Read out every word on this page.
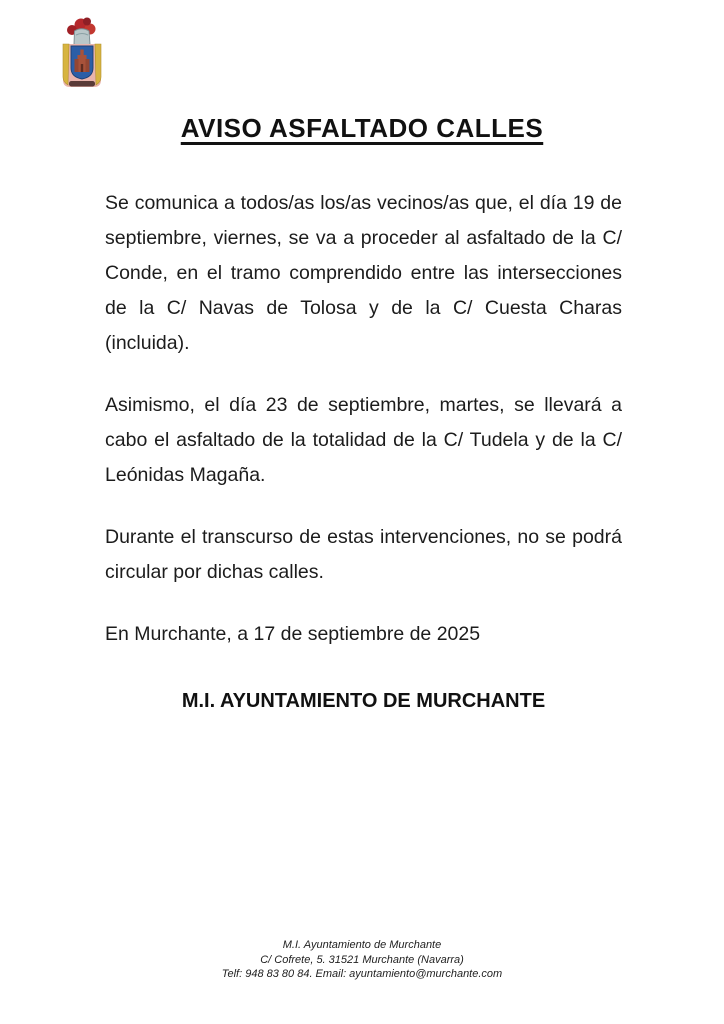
AVISO ASFALTADO CALLES

Se comunica a todos/as los/as vecinos/as que, el día 19 de septiembre, viernes, se va a proceder al asfaltado de la C/ Conde, en el tramo comprendido entre las intersecciones de la C/ Navas de Tolosa y de la C/ Cuesta Charas (incluida).

Asimismo, el día 23 de septiembre, martes, se llevará a cabo el asfaltado de la totalidad de la C/ Tudela y de la C/ Leónidas Magaña.

Durante el transcurso de estas intervenciones, no se podrá circular por dichas calles.

En Murchante, a 17 de septiembre de 2025

M.I. AYUNTAMIENTO DE MURCHANTE
M.I. Ayuntamiento de Murchante
C/ Cofrete, 5. 31521 Murchante (Navarra)
Telf: 948 83 80 84. Email: ayuntamiento@murchante.com
